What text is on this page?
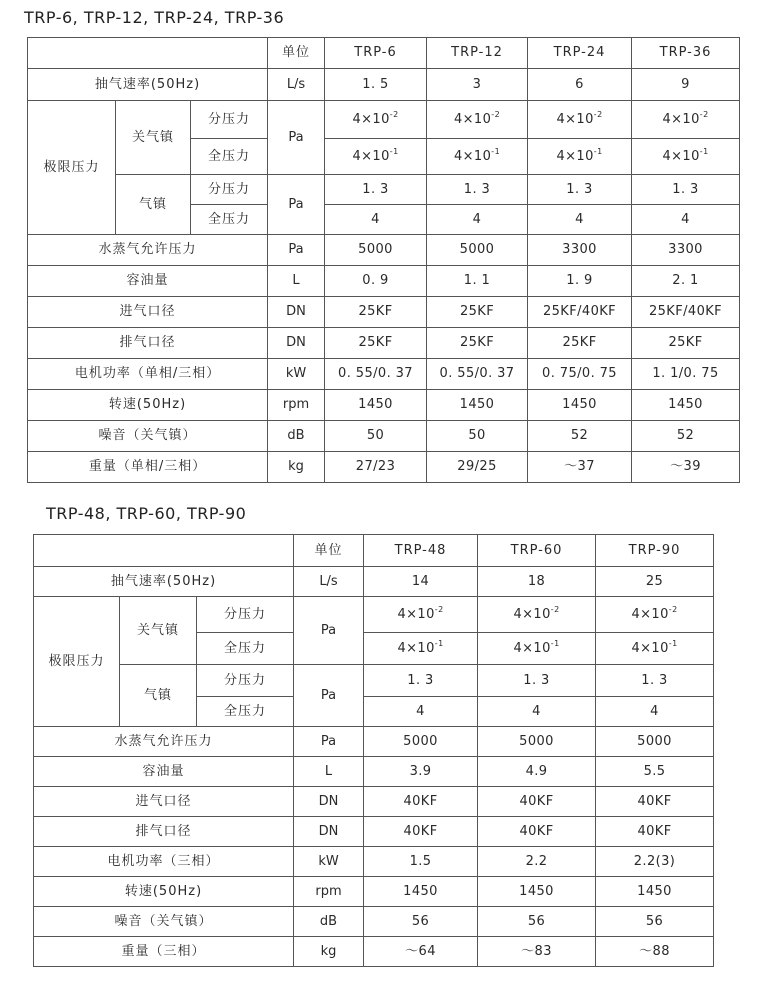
TRP-6, TRP-12, TRP-24, TRP-36
			单位	TRP-6	TRP-12	TRP-24	TRP-36
抽气速率(50Hz)			L/s	1. 5	3	6	9
极限压力	关气镇	分压力	Pa	$4\times 10^{-2}$	$4\times 10^{-2}$	$4\times 10^{-2}$	$4\times 10^{-2}$
		全压力		$4\times 10^{-1}$	$4\times 10^{-1}$	$4\times 10^{-1}$	$4\times 10^{-1}$
	气镇	分压力	Pa	1. 3	1. 3	1. 3	1. 3
		全压力		4	4	4	4
水蒸气允许压力			Pa	5000	5000	3300	3300
容油量			L	0. 9	1. 1	1. 9	2. 1
进气口径			DN	25KF	25KF	25KF/40KF	25KF/40KF
排气口径			DN	25KF	25KF	25KF	25KF
电机功率（单相/三相）			kW	0. 55/0. 37	0. 55/0. 37	0. 75/0. 75	1. 1/0. 75
转速(50Hz)			rpm	1450	1450	1450	1450
噪音（关气镇）			dB	50	50	52	52
重量（单相/三相）			kg	27/23	29/25	～37	～39
TRP-48, TRP-60, TRP-90
			单位	TRP-48	TRP-60	TRP-90
抽气速率(50Hz)			L/s	14	18	25
极限压力	关气镇	分压力	Pa	$4\times 10^{-2}$	$4\times 10^{-2}$	$4\times 10^{-2}$
		全压力		$4\times 10^{-1}$	$4\times 10^{-1}$	$4\times 10^{-1}$
	气镇	分压力	Pa	1. 3	1. 3	1. 3
		全压力		4	4	4
水蒸气允许压力			Pa	5000	5000	5000
容油量			L	3.9	4.9	5.5
进气口径			DN	40KF	40KF	40KF
排气口径			DN	40KF	40KF	40KF
电机功率（三相）			kW	1.5	2.2	2.2(3)
转速(50Hz)			rpm	1450	1450	1450
噪音（关气镇）			dB	56	56	56
重量（三相）			kg	～64	～83	～88
